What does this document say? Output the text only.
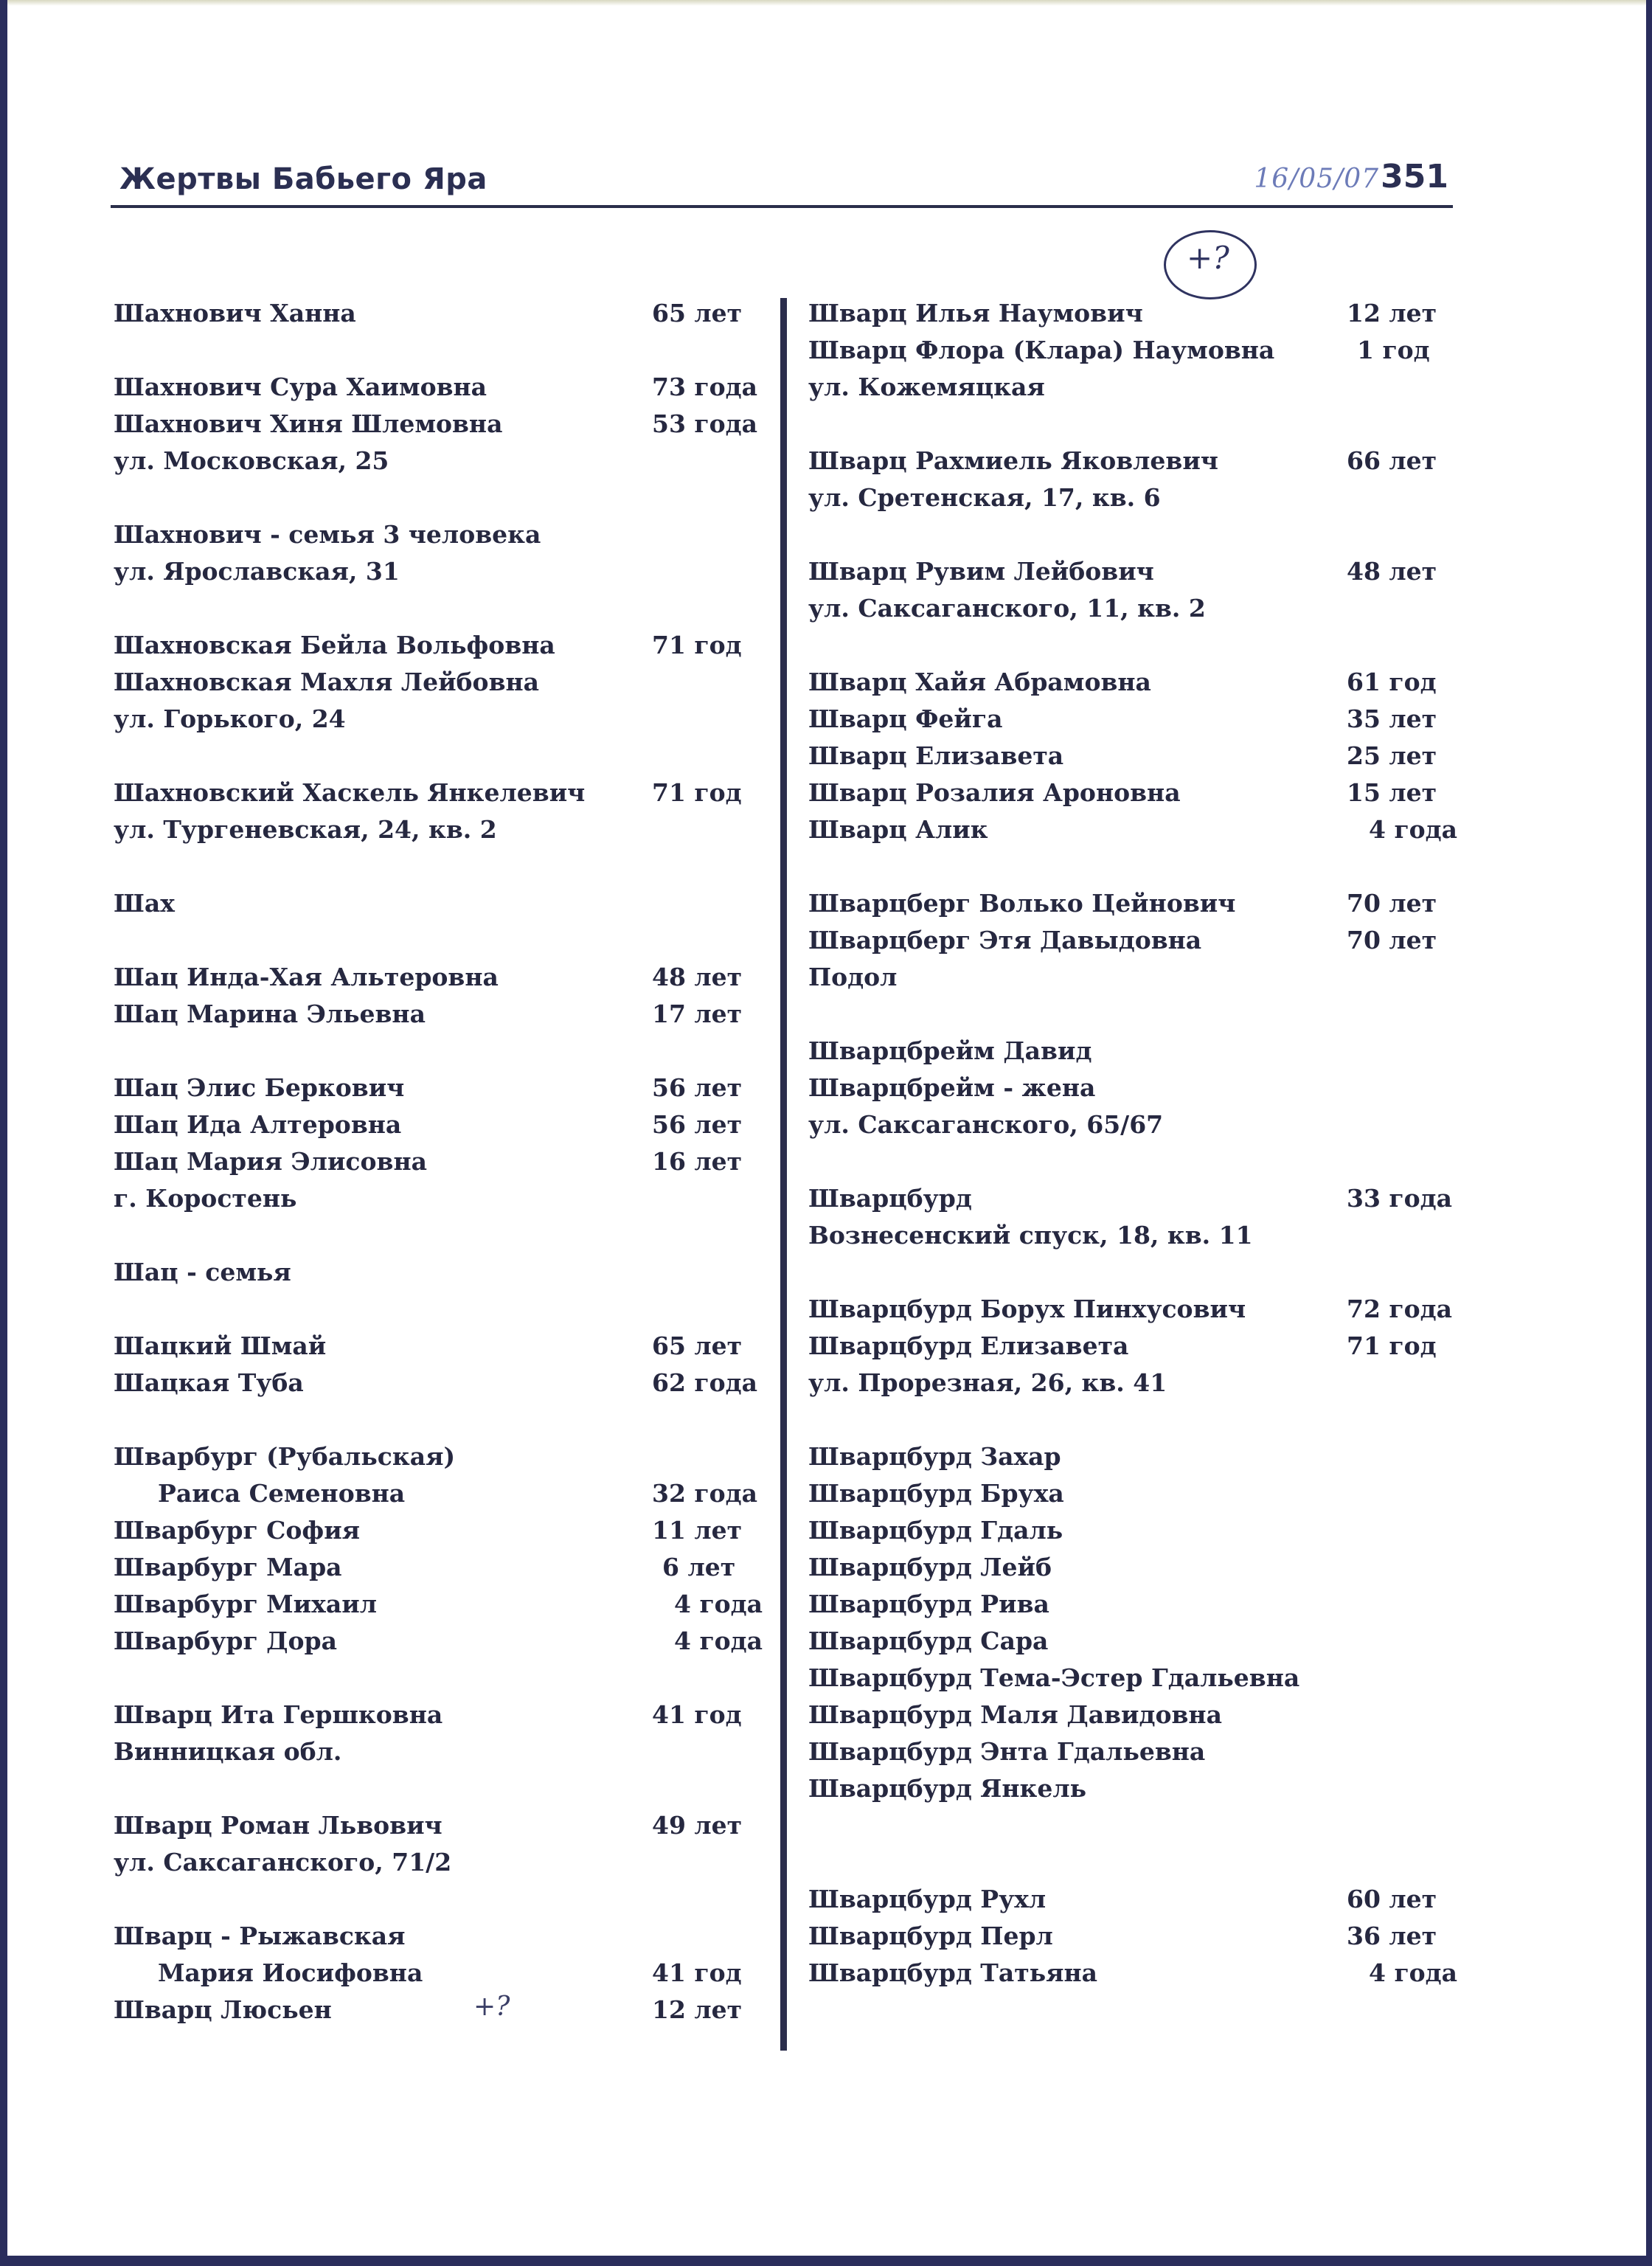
Жертвы Бабьего Яра	16/05/07 351
+?
+?
Шахнович Ханна	65 лет
Шахнович Сура Хаимовна	73 года
Шахнович Хиня Шлемовна	53 года
ул. Московская, 25
Шахнович - семья 3 человека
ул. Ярославская, 31
Шахновская Бейла Вольфовна	71 год
Шахновская Махля Лейбовна
ул. Горького, 24
Шахновский Хаскель Янкелевич	71 год
ул. Тургеневская, 24, кв. 2
Шах
Шац Инда-Хая Альтеровна	48 лет
Шац Марина Эльевна	17 лет
Шац Элис Беркович	56 лет
Шац Ида Алтеровна	56 лет
Шац Мария Элисовна	16 лет
г. Коростень
Шац - семья
Шацкий Шмай	65 лет
Шацкая Туба	62 года
Шварбург (Рубальская)
Раиса Семеновна	32 года
Шварбург София	11 лет
Шварбург Мара	6 лет
Шварбург Михаил	4 года
Шварбург Дора	4 года
Шварц Ита Гершковна	41 год
Винницкая обл.
Шварц Роман Львович	49 лет
ул. Саксаганского, 71/2
Шварц - Рыжавская
Мария Иосифовна	41 год
Шварц Люсьен	12 лет
Шварц Илья Наумович	12 лет
Шварц Флора (Клара) Наумовна	1 год
ул. Кожемяцкая
Шварц Рахмиель Яковлевич	66 лет
ул. Сретенская, 17, кв. 6
Шварц Рувим Лейбович	48 лет
ул. Саксаганского, 11, кв. 2
Шварц Хайя Абрамовна	61 год
Шварц Фейга	35 лет
Шварц Елизавета	25 лет
Шварц Розалия Ароновна	15 лет
Шварц Алик	4 года
Шварцберг Волько Цейнович	70 лет
Шварцберг Этя Давыдовна	70 лет
Подол
Шварцбрейм Давид
Шварцбрейм - жена
ул. Саксаганского, 65/67
Шварцбурд	33 года
Вознесенский спуск, 18, кв. 11
Шварцбурд Борух Пинхусович	72 года
Шварцбурд Елизавета	71 год
ул. Прорезная, 26, кв. 41
Шварцбурд Захар
Шварцбурд Бруха
Шварцбурд Гдаль
Шварцбурд Лейб
Шварцбурд Рива
Шварцбурд Сара
Шварцбурд Тема-Эстер Гдальевна
Шварцбурд Маля Давидовна
Шварцбурд Энта Гдальевна
Шварцбурд Янкель
Шварцбурд Рухл	60 лет
Шварцбурд Перл	36 лет
Шварцбурд Татьяна	4 года
